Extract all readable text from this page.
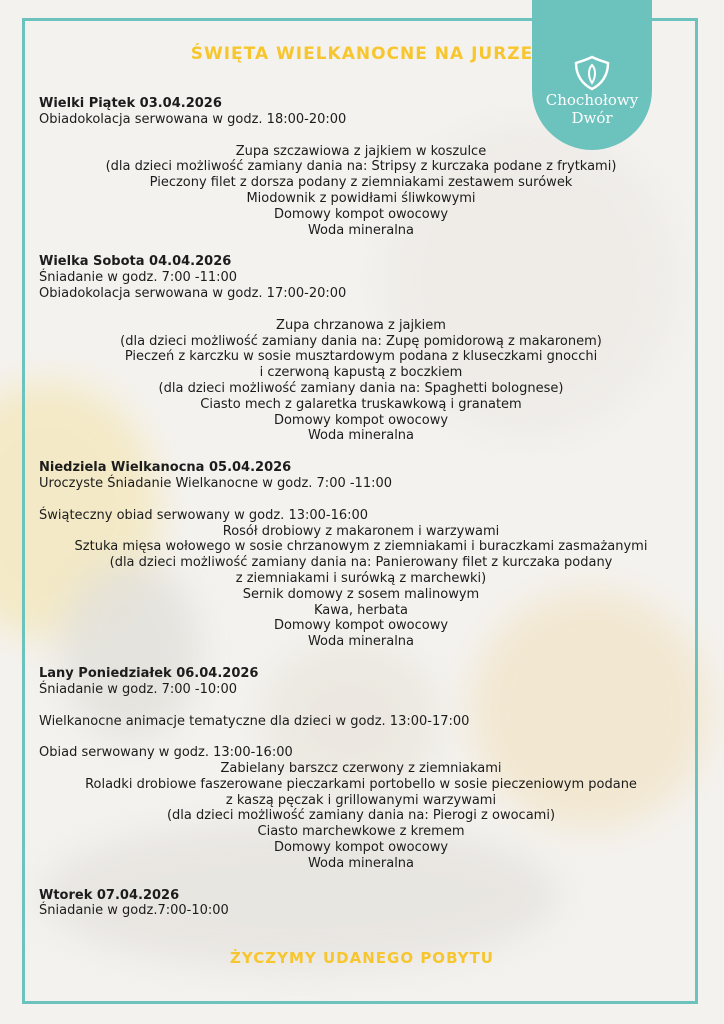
Chochołowy
Dwór
ŚWIĘTA WIELKANOCNE NA JURZE
Wielki Piątek 03.04.2026
Obiadokolacja serwowana w godz. 18:00-20:00
Zupa szczawiowa z jajkiem w koszulce
(dla dzieci możliwość zamiany dania na: Stripsy z kurczaka podane z frytkami)
Pieczony filet z dorsza podany z ziemniakami zestawem surówek
Miodownik z powidłami śliwkowymi
Domowy kompot owocowy
Woda mineralna
Wielka Sobota 04.04.2026
Śniadanie w godz. 7:00 -11:00
Obiadokolacja serwowana w godz. 17:00-20:00
Zupa chrzanowa z jajkiem
(dla dzieci możliwość zamiany dania na: Zupę pomidorową z makaronem)
Pieczeń z karczku w sosie musztardowym podana z kluseczkami gnocchi
i czerwoną kapustą z boczkiem
(dla dzieci możliwość zamiany dania na: Spaghetti bolognese)
Ciasto mech z galaretka truskawkową i granatem
Domowy kompot owocowy
Woda mineralna
Niedziela Wielkanocna 05.04.2026
Uroczyste Śniadanie Wielkanocne w godz. 7:00 -11:00
Świąteczny obiad serwowany w godz. 13:00-16:00
Rosół drobiowy z makaronem i warzywami
Sztuka mięsa wołowego w sosie chrzanowym z ziemniakami i buraczkami zasmażanymi
(dla dzieci możliwość zamiany dania na: Panierowany filet z kurczaka podany
z ziemniakami i surówką z marchewki)
Sernik domowy z sosem malinowym
Kawa, herbata
Domowy kompot owocowy
Woda mineralna
Lany Poniedziałek 06.04.2026
Śniadanie w godz. 7:00 -10:00
Wielkanocne animacje tematyczne dla dzieci w godz. 13:00-17:00
Obiad serwowany w godz. 13:00-16:00
Zabielany barszcz czerwony z ziemniakami
Roladki drobiowe faszerowane pieczarkami portobello w sosie pieczeniowym podane
z kaszą pęczak i grillowanymi warzywami
(dla dzieci możliwość zamiany dania na: Pierogi z owocami)
Ciasto marchewkowe z kremem
Domowy kompot owocowy
Woda mineralna
Wtorek 07.04.2026
Śniadanie w godz.7:00-10:00
ŻYCZYMY UDANEGO POBYTU
